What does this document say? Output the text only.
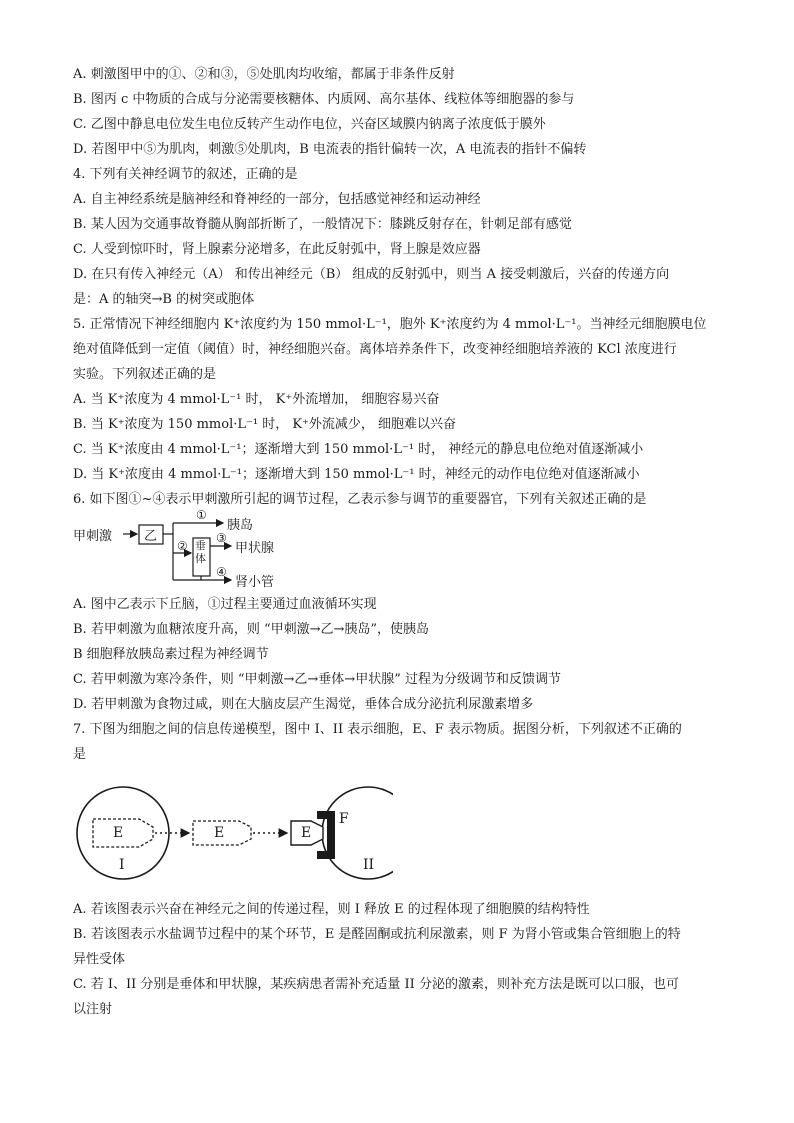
A. 刺激图甲中的①、②和③，⑤处肌肉均收缩，都属于非条件反射
B. 图丙 c 中物质的合成与分泌需要核糖体、内质网、高尔基体、线粒体等细胞器的参与
C. 乙图中静息电位发生电位反转产生动作电位，兴奋区域膜内钠离子浓度低于膜外
D. 若图甲中⑤为肌肉，刺激⑤处肌肉，B 电流表的指针偏转一次，A 电流表的指针不偏转
4. 下列有关神经调节的叙述，正确的是
A. 自主神经系统是脑神经和脊神经的一部分，包括感觉神经和运动神经
B. 某人因为交通事故脊髓从胸部折断了，一般情况下：膝跳反射存在，针刺足部有感觉
C. 人受到惊吓时，肾上腺素分泌增多，在此反射弧中，肾上腺是效应器
D. 在只有传入神经元（A） 和传出神经元（B） 组成的反射弧中，则当 A 接受刺激后，兴奋的传递方向
是：A 的轴突→B 的树突或胞体
5. 正常情况下神经细胞内 K⁺浓度约为 150 mmol·L⁻¹，胞外 K⁺浓度约为 4 mmol·L⁻¹。当神经元细胞膜电位
绝对值降低到一定值（阈值）时，神经细胞兴奋。离体培养条件下，改变神经细胞培养液的 KCl 浓度进行
实验。下列叙述正确的是
A. 当 K⁺浓度为 4 mmol·L⁻¹ 时， K⁺外流增加， 细胞容易兴奋
B. 当 K⁺浓度为 150 mmol·L⁻¹ 时， K⁺外流减少， 细胞难以兴奋
C. 当 K⁺浓度由 4 mmol·L⁻¹；逐渐增大到 150 mmol·L⁻¹ 时， 神经元的静息电位绝对值逐渐减小
D. 当 K⁺浓度由 4 mmol·L⁻¹；逐渐增大到 150 mmol·L⁻¹ 时，神经元的动作电位绝对值逐渐减小
6. 如下图①~④表示甲刺激所引起的调节过程，乙表示参与调节的重要器官，下列有关叙述正确的是
甲刺激 乙
①
胰岛
② 垂体
③
甲状腺
④
肾小管
A. 图中乙表示下丘脑，①过程主要通过血液循环实现
B. 若甲刺激为血糖浓度升高，则 “甲刺激→乙→胰岛”，使胰岛
B 细胞释放胰岛素过程为神经调节
C. 若甲刺激为寒冷条件，则 “甲刺激→乙→垂体→甲状腺” 过程为分级调节和反馈调节
D. 若甲刺激为食物过咸，则在大脑皮层产生渴觉，垂体合成分泌抗利尿激素增多
7. 下图为细胞之间的信息传递模型，图中 I、II 表示细胞，E、F 表示物质。据图分析，下列叙述不正确的
是
E	E	E
F
I	II
A. 若该图表示兴奋在神经元之间的传递过程，则 I 释放 E 的过程体现了细胞膜的结构特性
B. 若该图表示水盐调节过程中的某个环节，E 是醛固酮或抗利尿激素，则 F 为肾小管或集合管细胞上的特
异性受体
C. 若 I、II 分别是垂体和甲状腺，某疾病患者需补充适量 II 分泌的激素，则补充方法是既可以口服，也可
以注射
